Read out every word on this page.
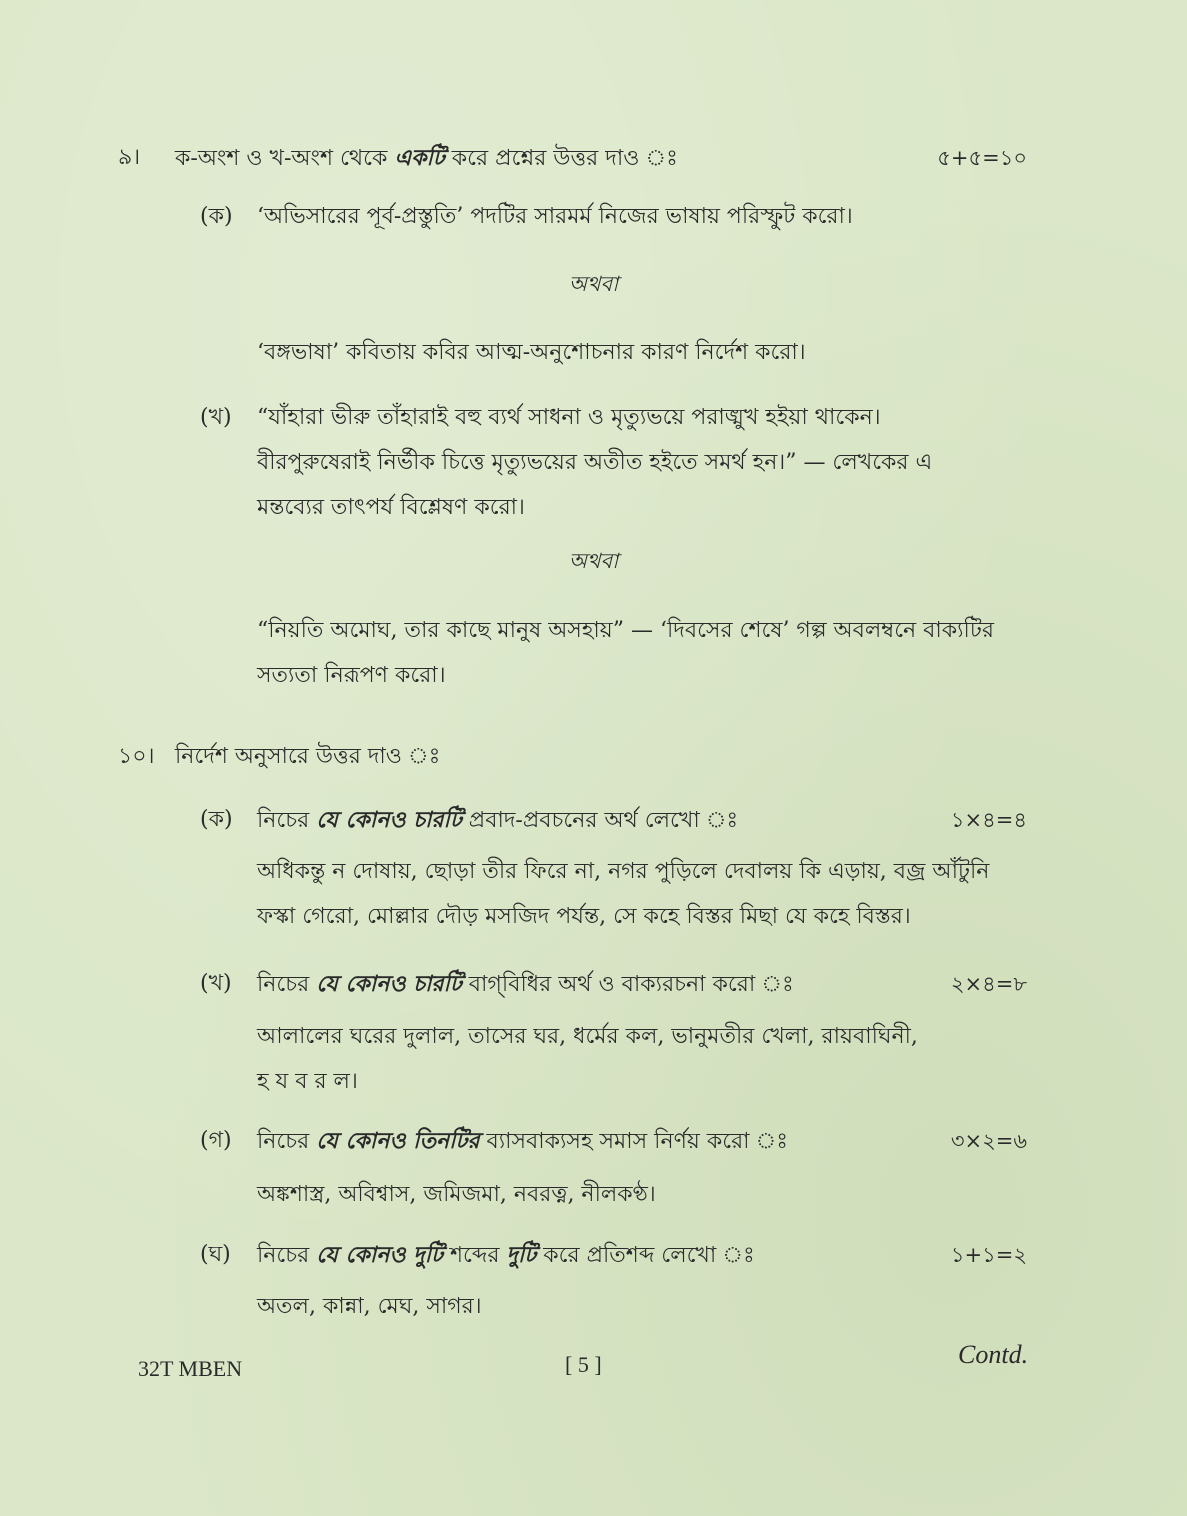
৯। ক-অংশ ও খ-অংশ থেকে একটি করে প্রশ্নের উত্তর দাও ঃ	৫+৫=১০
(ক) ‘অভিসারের পূর্ব-প্রস্তুতি’ পদটির সারমর্ম নিজের ভাষায় পরিস্ফুট করো।
অথবা
‘বঙ্গভাষা’ কবিতায় কবির আত্ম-অনুশোচনার কারণ নির্দেশ করো।
(খ) “যাঁহারা ভীরু তাঁহারাই বহু ব্যর্থ সাধনা ও মৃত্যুভয়ে পরাঙ্মুখ হইয়া থাকেন।
বীরপুরুষেরাই নির্ভীক চিত্তে মৃত্যুভয়ের অতীত হইতে সমর্থ হন।” — লেখকের এ
মন্তব্যের তাৎপর্য বিশ্লেষণ করো।
অথবা
“নিয়তি অমোঘ, তার কাছে মানুষ অসহায়” — ‘দিবসের শেষে’ গল্প অবলম্বনে বাক্যটির
সত্যতা নিরূপণ করো।
১০। নির্দেশ অনুসারে উত্তর দাও ঃ
(ক) নিচের যে কোনও চারটি প্রবাদ-প্রবচনের অর্থ লেখো ঃ	১×৪=৪
অধিকন্তু ন দোষায়, ছোড়া তীর ফিরে না, নগর পুড়িলে দেবালয় কি এড়ায়, বজ্র আঁটুনি
ফস্কা গেরো, মোল্লার দৌড় মসজিদ পর্যন্ত, সে কহে বিস্তর মিছা যে কহে বিস্তর।
(খ) নিচের যে কোনও চারটি বাগ্‌বিধির অর্থ ও বাক্যরচনা করো ঃ	২×৪=৮
আলালের ঘরের দুলাল, তাসের ঘর, ধর্মের কল, ভানুমতীর খেলা, রায়বাঘিনী,
হ য ব র ল।
(গ) নিচের যে কোনও তিনটির ব্যাসবাক্যসহ সমাস নির্ণয় করো ঃ	৩×২=৬
অঙ্কশাস্ত্র, অবিশ্বাস, জমিজমা, নবরত্ন, নীলকণ্ঠ।
(ঘ) নিচের যে কোনও দুটি শব্দের দুটি করে প্রতিশব্দ লেখো ঃ	১+১=২
অতল, কান্না, মেঘ, সাগর।
32T MBEN	[ 5 ]	Contd.
